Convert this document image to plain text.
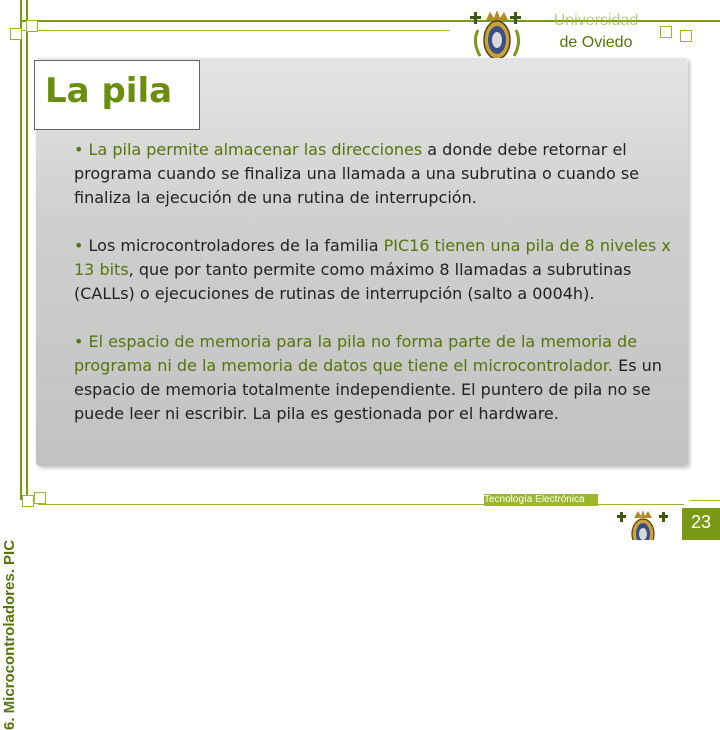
6. Microcontroladores. PIC
Universidad
de Oviedo
La pila
• La pila permite almacenar las direcciones a donde debe retornar el programa cuando se finaliza una llamada a una subrutina o cuando se finaliza la ejecución de una rutina de interrupción.
• Los microcontroladores de la familia PIC16 tienen una pila de 8 niveles x 13 bits, que por tanto permite como máximo 8 llamadas a subrutinas (CALLs) o ejecuciones de rutinas de interrupción (salto a 0004h).
• El espacio de memoria para la pila no forma parte de la memoria de programa ni de la memoria de datos que tiene el microcontrolador. Es un espacio de memoria totalmente independiente. El puntero de pila no se puede leer ni escribir. La pila es gestionada por el hardware.
Tecnología Electrónica
23
